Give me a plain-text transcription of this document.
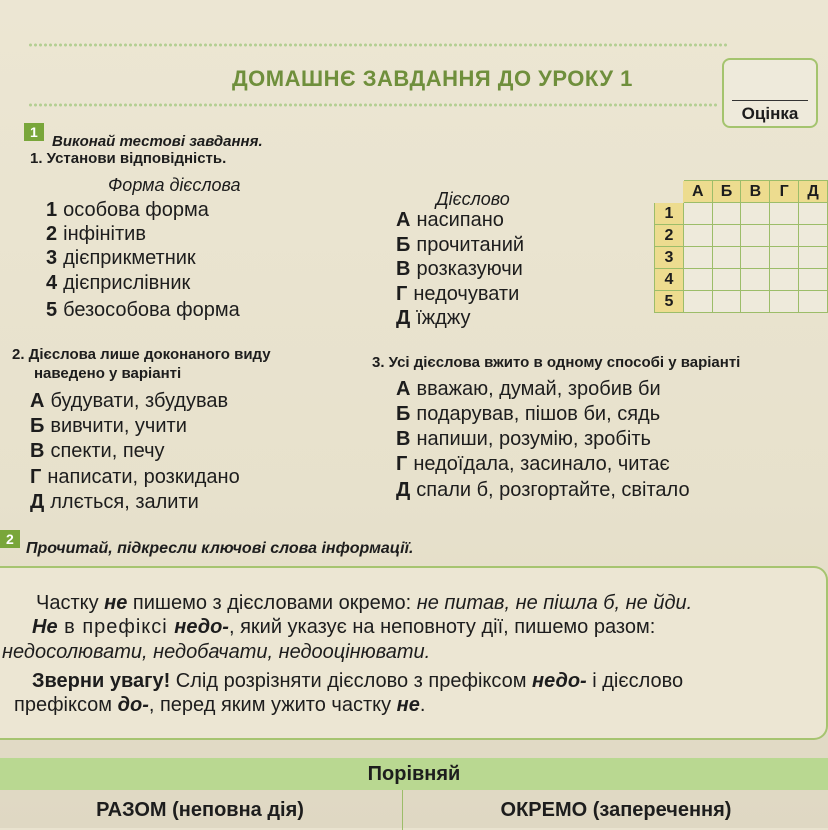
ДОМАШНЄ ЗАВДАННЯ ДО УРОКУ 1
Оцінка
1
Виконай тестові завдання.
1. Установи відповідність.
Форма дієслова
Дієслово
1 особова форма
2 інфінітив
3 дієприкметник
4 дієприслівник
5 безособова форма
А насипано
Б прочитаний
В розказуючи
Г недочувати
Д їжджу
	А	Б	В	Г	Д
1					
2					
3					
4					
5					
2. Дієслова лише доконаного виду
наведено у варіанті
А будувати, збудував
Б вивчити, учити
В спекти, печу
Г написати, розкидано
Д ллється, залити
3. Усі дієслова вжито в одному способі у варіанті
А вважаю, думай, зробив би
Б подарував, пішов би, сядь
В напиши, розумію, зробіть
Г недоїдала, засинало, читає
Д спали б, розгортайте, світало
2
Прочитай, підкресли ключові слова інформації.
Частку не пишемо з дієсловами окремо: не питав, не пішла б, не йди.
Не в префіксі недо-, який указує на неповноту дії, пишемо разом:
недосолювати, недобачати, недооцінювати.
Зверни увагу! Слід розрізняти дієслово з префіксом недо- і дієслово
префіксом до-, перед яким ужито частку не.
Порівняй
РАЗОМ (неповна дія)	ОКРЕМО (заперечення)
